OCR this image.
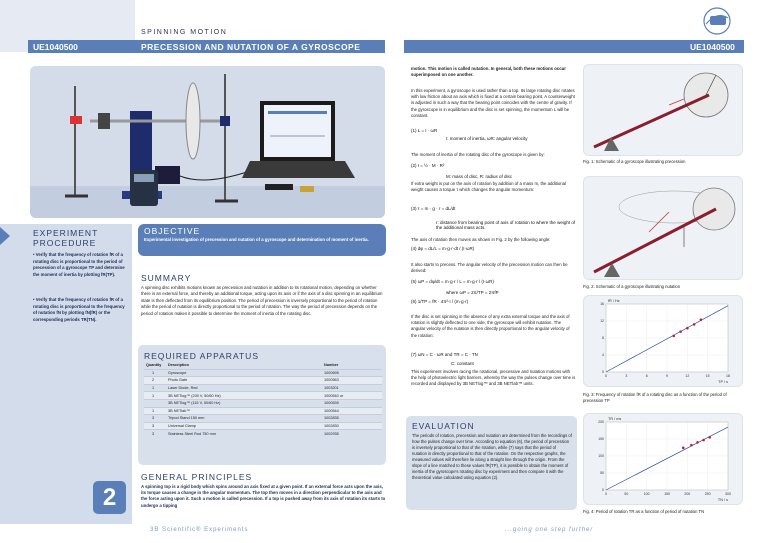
SPINNING MOTION
UE1040500	PRECESSION AND NUTATION OF A GYROSCOPE
EXPERIMENT PROCEDURE
• Verify that the frequency of rotation fR of a rotating disc is proportional to the period of precession of a gyroscope TP and determine the moment of inertia by plotting fR(TP).
• Verify that the frequency of rotation fR of a rotating disc is proportional to the frequency of nutation fN by plotting fN(fR) or the corresponding periods TR(TN).
OBJECTIVE
Experimental investigation of precession and nutation of a gyroscope and determination of moment of inertia.
SUMMARY
A spinning disc exhibits motions known as precession and nutation in addition to its rotational motion, depending on whether there is an external force, and thereby an additional torque, acting upon its axis or if the axis of a disc spinning in an equilibrium state is then deflected from its equilibrium position. The period of precession is inversely proportional to the period of rotation while the period of nutation is directly proportional to the period of rotation. The way the period of precession depends on the period of rotation makes it possible to determine the moment of inertia of the rotating disc.
REQUIRED APPARATUS
Quantity	Description	Number
1	Gyroscope	1000695
2	Photo Gate	1000563
1	Laser Diode, Red	1003201
1	3B NETlog™ (230 V, 50/60 Hz)	1000540 or
	3B NETlog™ (115 V, 50/60 Hz)	1000539
1	3B NETlab™	1000544
3	Tripod Stand 150 mm	1002835
3	Universal Clamp	1002830
3	Stainless Steel Rod 750 mm	1002935
GENERAL PRINCIPLES
A spinning top is a rigid body which spins around an axis fixed at a given point. If an external force acts upon the axis, its torque causes a change in the angular momentum. The top then moves in a direction perpendicular to the axis and the force acting upon it. Such a motion is called precession. If a top is pushed away from its axis of rotation its starts to undergo a tipping
2
3B Scientific® Experiments
UE1040500
motion. This motion is called nutation. In general, both these motions occur superimposed on one another.
In this experiment, a gyroscope is used rather than a top. Its large rotating disc rotates with low friction about an axis which is fixed at a certain bearing point. A counterweight is adjusted in such a way that the bearing point coincides with the centre of gravity. If the gyroscope is in equilibrium and the disc is set spinning, the momentum L will be constant.
(1) L = I · ωR
I: moment of inertia, ωR: angular velocity
The moment of inertia of the rotating disc of the gyroscope is given by:
(2) I = ½ · M · R²
M: mass of disc, R: radius of disc
If extra weight is put on the axis of rotation by addition of a mass m, the additional weight causes a torque τ which changes the angular momentum:
(3) τ = m · g · r = dL/dt
r: distance from bearing point of axis of rotation to where the weight of the additional mass acts.
The axis of rotation then moves as shown in Fig. 2 by the following angle:
(4) dφ = dL/L = m·g·r·dt / (I·ωR)
It also starts to precess. The angular velocity of the precession motion can then be derived:
(5) ωP = dφ/dt = m·g·r / L = m·g·r / (I·ωR)
where ωP = 2π/TP = 2πfP
(6) 1/TP = fR · 4π²·I / (m·g·r)
If the disc is set spinning in the absence of any extra external torque and the axis of rotation is slightly deflected to one side, the gyroscope will exhibit nutation. The angular velocity of the nutation is then directly proportional to the angular velocity of the rotation:
(7) ωN = C · ωR and TR = C · TN
C: constant
This experiment involves racing the rotational, precessive and nutation motions with the help of photoelectric light barriers, whereby the way the pulses change over time is recorded and displayed by 3B NETlog™ and 3B NETlab™ units.
EVALUATION
The periods of rotation, precession and nutation are determined from the recordings of how the pulses change over time. According to equation (6), the period of precession is inversely proportional to that of the rotation, while (7) says that the period of nutation is directly proportional to that of the rotation. On the respective graphs, the measured values will therefore lie along a straight line through the origin. From the slope of a line matched to these values fR(TP), it is possible to obtain the moment of inertia of the gyroscope's rotating disc by experiment and then compare it with the theoretical value calculated using equation (2).
Fig. 1: Schematic of a gyroscope illustrating precession
Fig. 2: Schematic of a gyroscope illustrating nutation
0	3	6	9	12	15	18
0
4
8
12
16
TP / s
fR / Hz
Fig. 3: Frequency of rotation fR of a rotating disc as a function of the period of precession TP
0	50	100	150	200	250	300
0
50
100
150
200
TN / s
TR / ms
Fig. 4: Period of rotation TR as a function of period of nutation TN
...going one step further
